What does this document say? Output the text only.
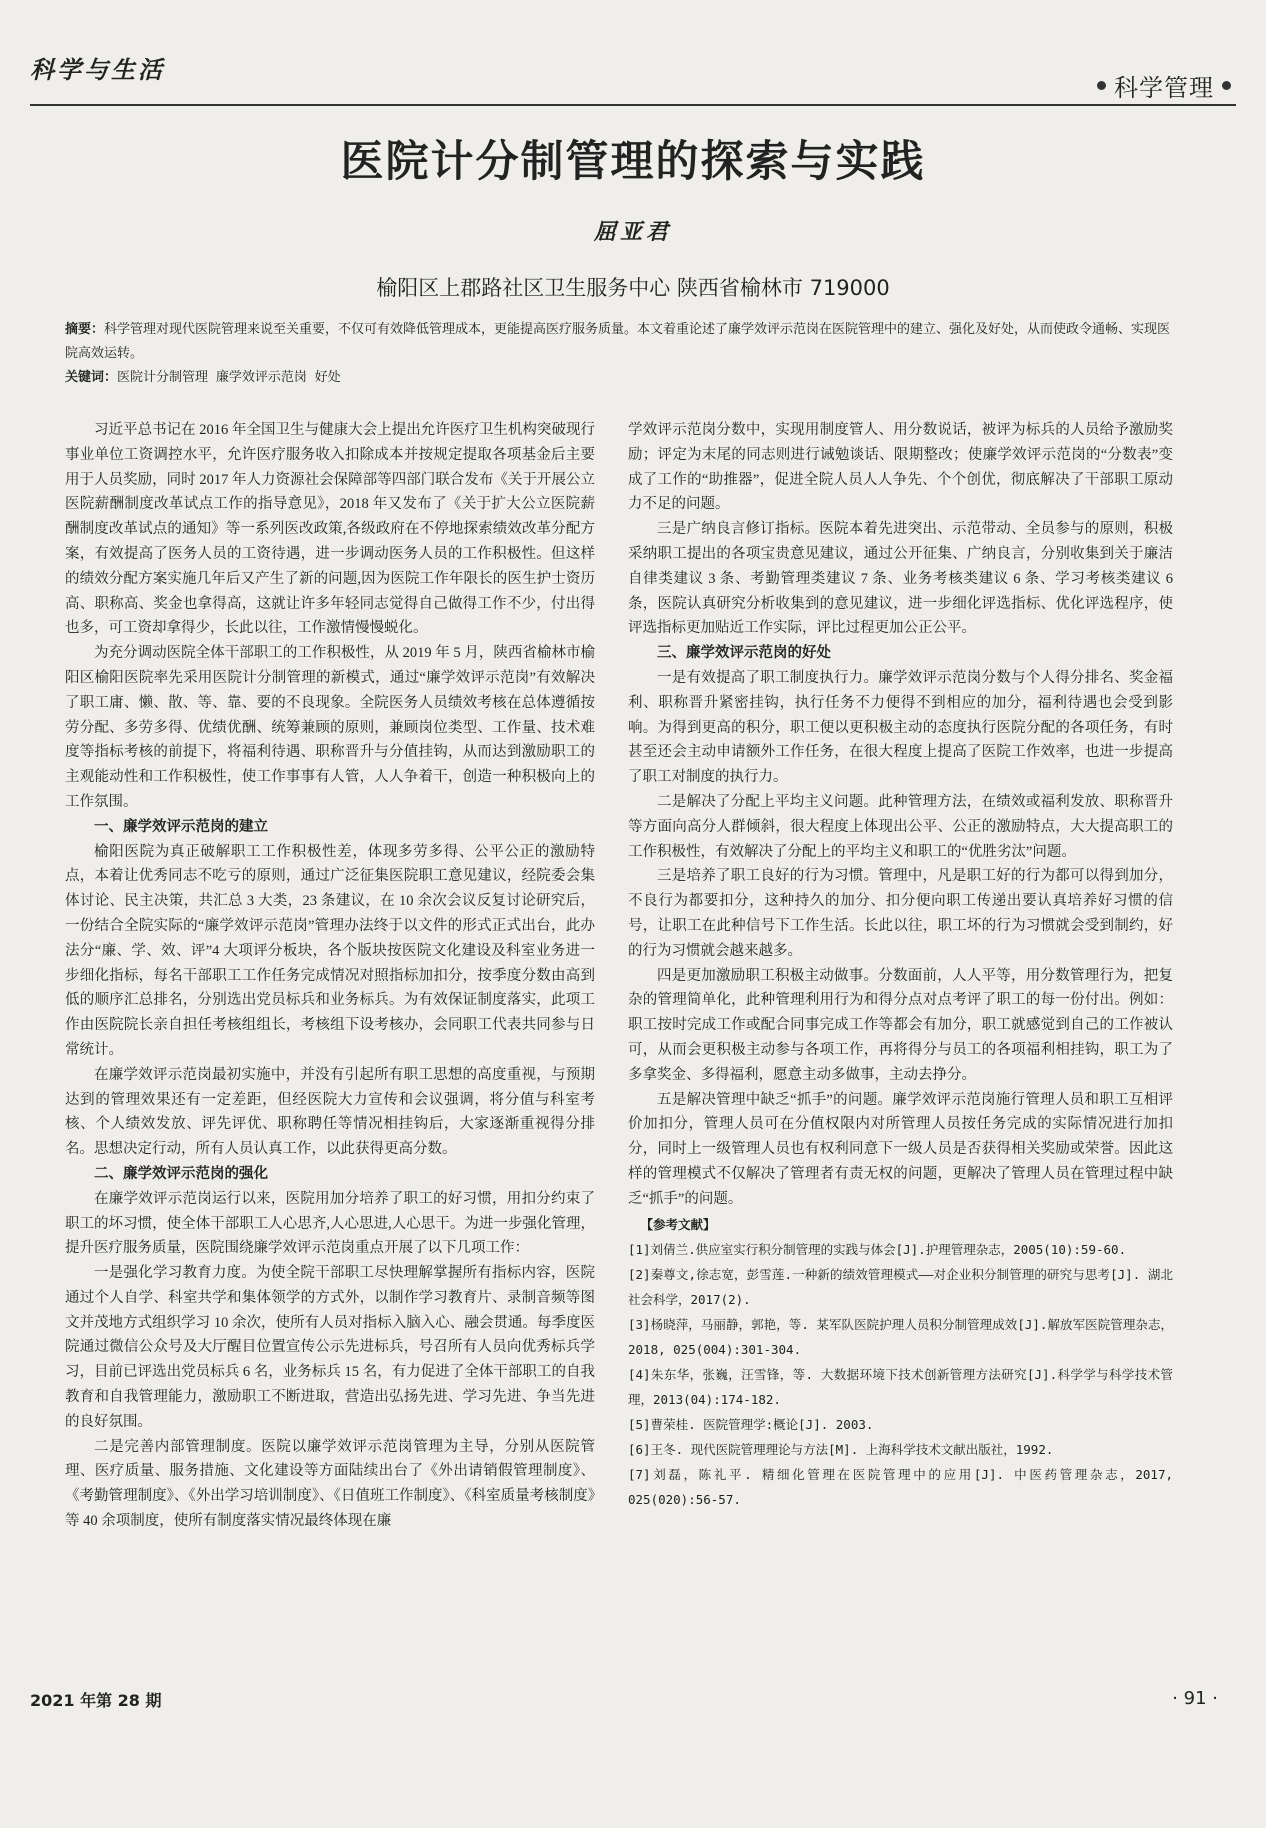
科学与生活
科学管理
医院计分制管理的探索与实践
屈亚君
榆阳区上郡路社区卫生服务中心 陕西省榆林市 719000
摘要：科学管理对现代医院管理来说至关重要，不仅可有效降低管理成本，更能提高医疗服务质量。本文着重论述了廉学效评示范岗在医院管理中的建立、强化及好处，从而使政令通畅、实现医院高效运转。
关键词：医院计分制管理 廉学效评示范岗 好处

习近平总书记在 2016 年全国卫生与健康大会上提出允许医疗卫生机构突破现行事业单位工资调控水平，允许医疗服务收入扣除成本并按规定提取各项基金后主要用于人员奖励，同时 2017 年人力资源社会保障部等四部门联合发布《关于开展公立医院薪酬制度改革试点工作的指导意见》，2018 年又发布了《关于扩大公立医院薪酬制度改革试点的通知》等一系列医改政策,各级政府在不停地探索绩效改革分配方案，有效提高了医务人员的工资待遇，进一步调动医务人员的工作积极性。但这样的绩效分配方案实施几年后又产生了新的问题,因为医院工作年限长的医生护士资历高、职称高、奖金也拿得高，这就让许多年轻同志觉得自己做得工作不少，付出得也多，可工资却拿得少，长此以往，工作激情慢慢蜕化。

为充分调动医院全体干部职工的工作积极性，从 2019 年 5 月，陕西省榆林市榆阳区榆阳医院率先采用医院计分制管理的新模式，通过“廉学效评示范岗”有效解决了职工庸、懒、散、等、靠、要的不良现象。全院医务人员绩效考核在总体遵循按劳分配、多劳多得、优绩优酬、统筹兼顾的原则，兼顾岗位类型、工作量、技术难度等指标考核的前提下，将福利待遇、职称晋升与分值挂钩，从而达到激励职工的主观能动性和工作积极性，使工作事事有人管，人人争着干，创造一种积极向上的工作氛围。

一、廉学效评示范岗的建立

榆阳医院为真正破解职工工作积极性差，体现多劳多得、公平公正的激励特点，本着让优秀同志不吃亏的原则，通过广泛征集医院职工意见建议，经院委会集体讨论、民主决策，共汇总 3 大类，23 条建议，在 10 余次会议反复讨论研究后，一份结合全院实际的“廉学效评示范岗”管理办法终于以文件的形式正式出台，此办法分“廉、学、效、评”4 大项评分板块，各个版块按医院文化建设及科室业务进一步细化指标，每名干部职工工作任务完成情况对照指标加扣分，按季度分数由高到低的顺序汇总排名，分别选出党员标兵和业务标兵。为有效保证制度落实，此项工作由医院院长亲自担任考核组组长，考核组下设考核办，会同职工代表共同参与日常统计。

在廉学效评示范岗最初实施中，并没有引起所有职工思想的高度重视，与预期达到的管理效果还有一定差距，但经医院大力宣传和会议强调，将分值与科室考核、个人绩效发放、评先评优、职称聘任等情况相挂钩后，大家逐渐重视得分排名。思想决定行动，所有人员认真工作，以此获得更高分数。

二、廉学效评示范岗的强化

在廉学效评示范岗运行以来，医院用加分培养了职工的好习惯，用扣分约束了职工的坏习惯，使全体干部职工人心思齐,人心思进,人心思干。为进一步强化管理，提升医疗服务质量，医院围绕廉学效评示范岗重点开展了以下几项工作：

一是强化学习教育力度。为使全院干部职工尽快理解掌握所有指标内容，医院通过个人自学、科室共学和集体领学的方式外，以制作学习教育片、录制音频等图文并茂地方式组织学习 10 余次，使所有人员对指标入脑入心、融会贯通。每季度医院通过微信公众号及大厅醒目位置宣传公示先进标兵，号召所有人员向优秀标兵学习，目前已评选出党员标兵 6 名，业务标兵 15 名，有力促进了全体干部职工的自我教育和自我管理能力，激励职工不断进取，营造出弘扬先进、学习先进、争当先进的良好氛围。

二是完善内部管理制度。医院以廉学效评示范岗管理为主导，分别从医院管理、医疗质量、服务措施、文化建设等方面陆续出台了《外出请销假管理制度》、《考勤管理制度》、《外出学习培训制度》、《日值班工作制度》、《科室质量考核制度》等 40 余项制度，使所有制度落实情况最终体现在廉

学效评示范岗分数中，实现用制度管人、用分数说话，被评为标兵的人员给予激励奖励；评定为末尾的同志则进行诫勉谈话、限期整改；使廉学效评示范岗的“分数表”变成了工作的“助推器”，促进全院人员人人争先、个个创优，彻底解决了干部职工原动力不足的问题。

三是广纳良言修订指标。医院本着先进突出、示范带动、全员参与的原则，积极采纳职工提出的各项宝贵意见建议，通过公开征集、广纳良言，分别收集到关于廉洁自律类建议 3 条、考勤管理类建议 7 条、业务考核类建议 6 条、学习考核类建议 6 条，医院认真研究分析收集到的意见建议，进一步细化评选指标、优化评选程序，使评选指标更加贴近工作实际，评比过程更加公正公平。

三、廉学效评示范岗的好处

一是有效提高了职工制度执行力。廉学效评示范岗分数与个人得分排名、奖金福利、职称晋升紧密挂钩，执行任务不力便得不到相应的加分，福利待遇也会受到影响。为得到更高的积分，职工便以更积极主动的态度执行医院分配的各项任务，有时甚至还会主动申请额外工作任务，在很大程度上提高了医院工作效率，也进一步提高了职工对制度的执行力。

二是解决了分配上平均主义问题。此种管理方法，在绩效或福利发放、职称晋升等方面向高分人群倾斜，很大程度上体现出公平、公正的激励特点，大大提高职工的工作积极性，有效解决了分配上的平均主义和职工的“优胜劣汰”问题。

三是培养了职工良好的行为习惯。管理中，凡是职工好的行为都可以得到加分，不良行为都要扣分，这种持久的加分、扣分便向职工传递出要认真培养好习惯的信号，让职工在此种信号下工作生活。长此以往，职工坏的行为习惯就会受到制约，好的行为习惯就会越来越多。

四是更加激励职工积极主动做事。分数面前，人人平等，用分数管理行为，把复杂的管理简单化，此种管理利用行为和得分点对点考评了职工的每一份付出。例如：职工按时完成工作或配合同事完成工作等都会有加分，职工就感觉到自己的工作被认可，从而会更积极主动参与各项工作，再将得分与员工的各项福利相挂钩，职工为了多拿奖金、多得福利，愿意主动多做事，主动去挣分。

五是解决管理中缺乏“抓手”的问题。廉学效评示范岗施行管理人员和职工互相评价加扣分，管理人员可在分值权限内对所管理人员按任务完成的实际情况进行加扣分，同时上一级管理人员也有权利同意下一级人员是否获得相关奖励或荣誉。因此这样的管理模式不仅解决了管理者有责无权的问题，更解决了管理人员在管理过程中缺乏“抓手”的问题。

【参考文献】
[1]刘倩兰.供应室实行积分制管理的实践与体会[J].护理管理杂志，2005(10):59-60.
[2]秦尊文,徐志宽，彭雪莲.一种新的绩效管理模式——对企业积分制管理的研究与思考[J]. 湖北社会科学，2017(2).
[3]杨晓萍，马丽静，郭艳，等. 某军队医院护理人员积分制管理成效[J].解放军医院管理杂志，2018, 025(004):301-304.
[4]朱东华，张巍，汪雪锋，等. 大数据环境下技术创新管理方法研究[J].科学学与科学技术管理，2013(04):174-182.
[5]曹荣桂. 医院管理学:概论[J]. 2003.
[6]王冬. 现代医院管理理论与方法[M]. 上海科学技术文献出版社，1992.
[7]刘磊，陈礼平. 精细化管理在医院管理中的应用[J]. 中医药管理杂志，2017, 025(020):56-57.
2021 年第 28 期	· 91 ·
